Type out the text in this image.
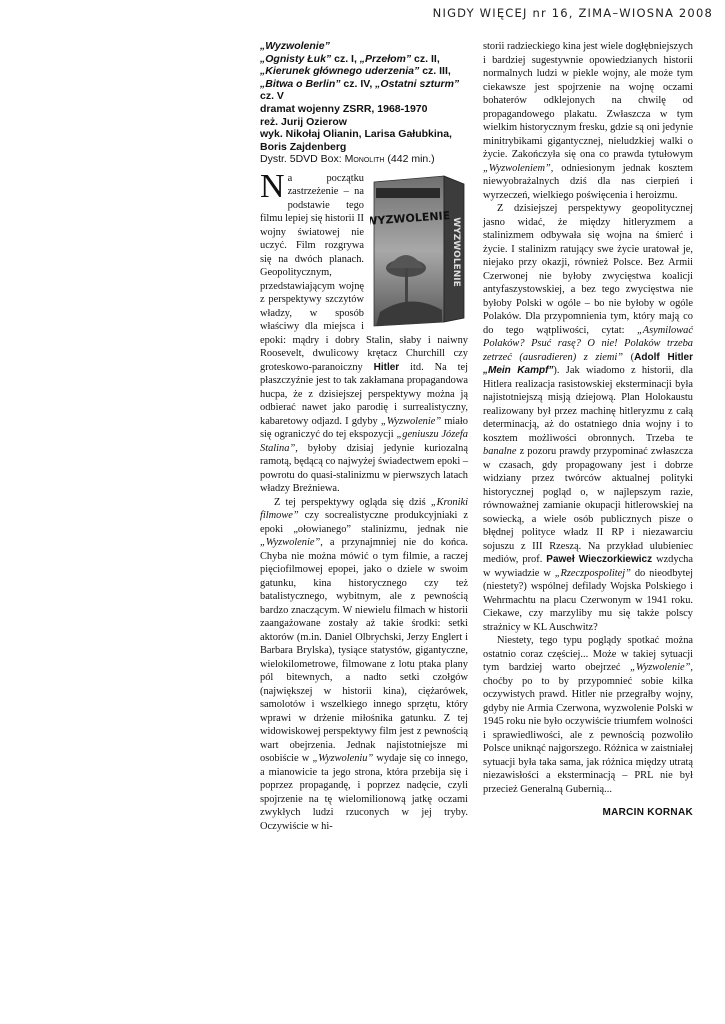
NIGDY WIĘCEJ nr 16, ZIMA–WIOSNA 2008
„Wyzwolenie”
„Ognisty Łuk” cz. I, „Przełom” cz. II, „Kierunek głównego uderzenia” cz. III, „Bitwa o Berlin” cz. IV, „Ostatni szturm” cz. V
dramat wojenny ZSRR, 1968-1970
reż. Jurij Ozierow
wyk. Nikołaj Olianin, Larisa Gałubkina, Boris Zajdenberg
Dystr. 5DVD Box: Monolith (442 min.)
WYZWOLENIE WYZWOLENIE

Na początku zastrzeżenie – na podstawie tego filmu lepiej się historii II wojny światowej nie uczyć. Film rozgrywa się na dwóch planach. Geopolitycznym, przedstawiającym wojnę z perspektywy szczytów władzy, w sposób właściwy dla miejsca i epoki: mądry i dobry Stalin, słaby i naiwny Roosevelt, dwulicowy krętacz Churchill czy groteskowo-paranoiczny Hitler itd. Na tej płaszczyźnie jest to tak zakłamana propagandowa hucpa, że z dzisiejszej perspektywy można ją odbierać nawet jako parodię i surrealistyczny, kabaretowy odjazd. I gdyby „Wyzwolenie” miało się ograniczyć do tej ekspozycji „geniuszu Józefa Stalina”, byłoby dzisiaj jedynie kuriozalną ramotą, będącą co najwyżej świadectwem epoki – powrotu do quasi-stalinizmu w pierwszych latach władzy Breżniewa.

Z tej perspektywy ogląda się dziś „Kroniki filmowe” czy socrealistyczne produkcyjniaki z epoki „ołowianego” stalinizmu, jednak nie „Wyzwolenie”, a przynajmniej nie do końca. Chyba nie można mówić o tym filmie, a raczej pięciofilmowej epopei, jako o dziele w swoim gatunku, kina historycznego czy też batalistycznego, wybitnym, ale z pewnością bardzo znaczącym. W niewielu filmach w historii zaangażowane zostały aż takie środki: setki aktorów (m.in. Daniel Olbrychski, Jerzy Englert i Barbara Brylska), tysiące statystów, gigantyczne, wielokilometrowe, filmowane z lotu ptaka plany pól bitewnych, a nadto setki czołgów (największej w historii kina), ciężarówek, samolotów i wszelkiego innego sprzętu, który wprawi w drżenie miłośnika gatunku. Z tej widowiskowej perspektywy film jest z pewnością wart obejrzenia. Jednak najistotniejsze mi osobiście w „Wyzwoleniu” wydaje się co innego, a mianowicie ta jego strona, która przebija się i poprzez propagandę, i poprzez nadęcie, czyli spojrzenie na tę wielomilionową jatkę oczami zwykłych ludzi rzuconych w jej tryby. Oczywiście w hi-

storii radzieckiego kina jest wiele dogłębniejszych i bardziej sugestywnie opowiedzianych historii normalnych ludzi w piekle wojny, ale może tym ciekawsze jest spojrzenie na wojnę oczami bohaterów odklejonych na chwilę od propagandowego plakatu. Zwłaszcza w tym wielkim historycznym fresku, gdzie są oni jedynie minitrybikami gigantycznej, nieludzkiej walki o życie. Zakończyła się ona co prawda tytułowym „Wyzwoleniem”, odniesionym jednak kosztem niewyobrażalnych dziś dla nas cierpień i wyrzeczeń, wielkiego poświęcenia i heroizmu.

Z dzisiejszej perspektywy geopolitycznej jasno widać, że między hitleryzmem a stalinizmem odbywała się wojna na śmierć i życie. I stalinizm ratujący swe życie uratował je, niejako przy okazji, również Polsce. Bez Armii Czerwonej nie byłoby zwycięstwa koalicji antyfaszystowskiej, a bez tego zwycięstwa nie byłoby Polski w ogóle – bo nie byłoby w ogóle Polaków. Dla przypomnienia tym, który mają co do tego wątpliwości, cytat: „Asymilować Polaków? Psuć rasę? O nie! Polaków trzeba zetrzeć (ausradieren) z ziemi” (Adolf Hitler „Mein Kampf”). Jak wiadomo z historii, dla Hitlera realizacja rasistowskiej eksterminacji była najistotniejszą misją dziejową. Plan Holokaustu realizowany był przez machinę hitleryzmu z całą determinacją, aż do ostatniego dnia wojny i to kosztem możliwości obronnych. Trzeba te banalne z pozoru prawdy przypominać zwłaszcza w czasach, gdy propagowany jest i dobrze widziany przez twórców aktualnej polityki historycznej pogląd o, w najlepszym razie, równoważnej zamianie okupacji hitlerowskiej na sowiecką, a wiele osób publicznych pisze o błędnej polityce władz II RP i niezawarciu sojuszu z III Rzeszą. Na przykład ulubieniec mediów, prof. Paweł Wieczorkiewicz wzdycha w wywiadzie w „Rzeczpospolitej” do nieodbytej (niestety?) wspólnej defilady Wojska Polskiego i Wehrmachtu na placu Czerwonym w 1941 roku. Ciekawe, czy marzyliby mu się także polscy strażnicy w KL Auschwitz?

Niestety, tego typu poglądy spotkać można ostatnio coraz częściej... Może w takiej sytuacji tym bardziej warto obejrzeć „Wyzwolenie”, choćby po to by przypomnieć sobie kilka oczywistych prawd. Hitler nie przegrałby wojny, gdyby nie Armia Czerwona, wyzwolenie Polski w 1945 roku nie było oczywiście triumfem wolności i sprawiedliwości, ale z pewnością pozwoliło Polsce uniknąć najgorszego. Różnica w zaistniałej sytuacji była taka sama, jak różnica między utratą niezawisłości a eksterminacją – PRL nie był przecież Generalną Gubernią...

MARCIN KORNAK
